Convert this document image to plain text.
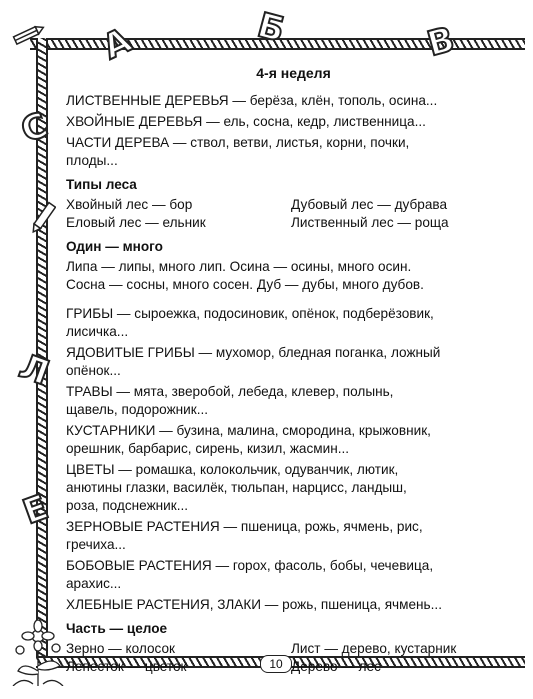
А	Б	В
С
Л
Е
10
4-я неделя
ЛИСТВЕННЫЕ ДЕРЕВЬЯ — берёза, клён, тополь, осина...
ХВОЙНЫЕ ДЕРЕВЬЯ — ель, сосна, кедр, лиственница...
ЧАСТИ ДЕРЕВА — ствол, ветви, листья, корни, почки,
плоды...
Типы леса
Хвойный лес — бор	Дубовый лес — дубрава
Еловый лес — ельник	Лиственный лес — роща
Один — много
Липа — липы, много лип. Осина — осины, много осин.
Сосна — сосны, много сосен. Дуб — дубы, много дубов.
ГРИБЫ — сыроежка, подосиновик, опёнок, подберёзовик,
лисичка...
ЯДОВИТЫЕ ГРИБЫ — мухомор, бледная поганка, ложный
опёнок...
ТРАВЫ — мята, зверобой, лебеда, клевер, полынь,
щавель, подорожник...
КУСТАРНИКИ — бузина, малина, смородина, крыжовник,
орешник, барбарис, сирень, кизил, жасмин...
ЦВЕТЫ — ромашка, колокольчик, одуванчик, лютик,
анютины глазки, василёк, тюльпан, нарцисс, ландыш,
роза, подснежник...
ЗЕРНОВЫЕ РАСТЕНИЯ — пшеница, рожь, ячмень, рис,
гречиха...
БОБОВЫЕ РАСТЕНИЯ — горох, фасоль, бобы, чечевица,
арахис...
ХЛЕБНЫЕ РАСТЕНИЯ, ЗЛАКИ — рожь, пшеница, ячмень...
Часть — целое
Зерно — колосок	Лист — дерево, кустарник
Лепесток — цветок	Дерево — лес
